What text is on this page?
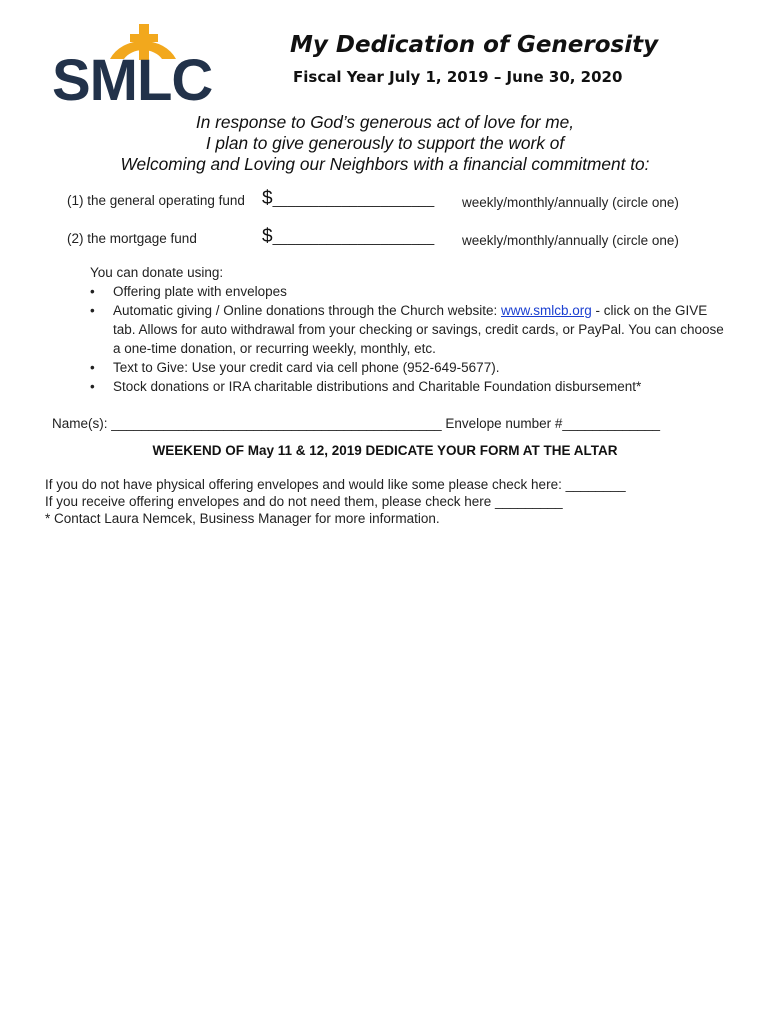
SMLC
My Dedication of Generosity
Fiscal Year July 1, 2019 – June 30, 2020
In response to God’s generous act of love for me,
I plan to give generously to support the work of
Welcoming and Loving our Neighbors with a financial commitment to:
(1) the general operating fund $_____________________ weekly/monthly/annually (circle one)
(2) the mortgage fund	$_____________________ weekly/monthly/annually (circle one)
You can donate using:
• Offering plate with envelopes
• Automatic giving / Online donations through the Church website: www.smlcb.org - click on the GIVE tab. Allows for auto withdrawal from your checking or savings, credit cards, or PayPal. You can choose a one-time donation, or recurring weekly, monthly, etc.
• Text to Give: Use your credit card via cell phone (952-649-5677).
• Stock donations or IRA charitable distributions and Charitable Foundation disbursement*
Name(s): ____________________________________________ Envelope number #_____________
WEEKEND OF May 11 & 12, 2019 DEDICATE YOUR FORM AT THE ALTAR
If you do not have physical offering envelopes and would like some please check here: ________
If you receive offering envelopes and do not need them, please check here _________
* Contact Laura Nemcek, Business Manager for more information.
